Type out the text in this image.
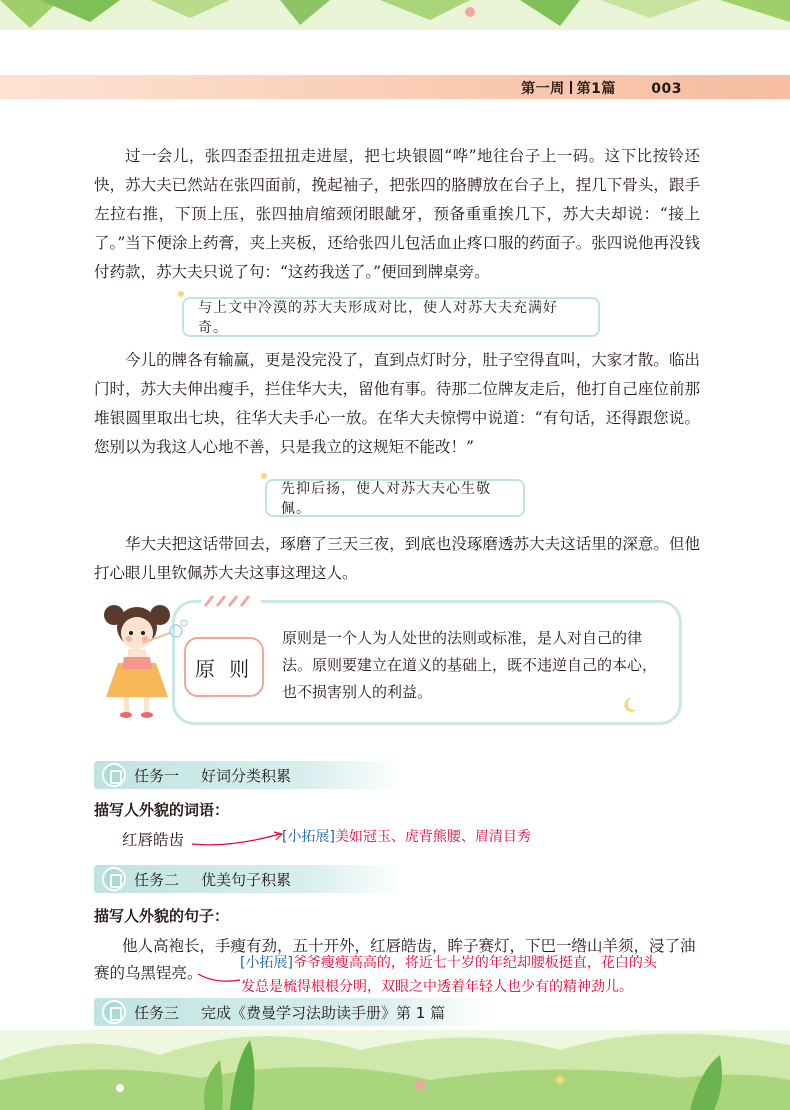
第一周 第1篇	003

过一会儿，张四歪歪扭扭走进屋，把七块银圆“哗”地往台子上一码。这下比按铃还快，苏大夫已然站在张四面前，挽起袖子，把张四的胳膊放在台子上，捏几下骨头，跟手左拉右推，下顶上压，张四抽肩缩颈闭眼龇牙，预备重重挨几下，苏大夫却说：“接上了。”当下便涂上药膏，夹上夹板，还给张四儿包活血止疼口服的药面子。张四说他再没钱付药款，苏大夫只说了句：“这药我送了。”便回到牌桌旁。

与上文中冷漠的苏大夫形成对比，使人对苏大夫充满好奇。

今儿的牌各有输赢，更是没完没了，直到点灯时分，肚子空得直叫，大家才散。临出门时，苏大夫伸出瘦手，拦住华大夫，留他有事。待那二位牌友走后，他打自己座位前那堆银圆里取出七块，往华大夫手心一放。在华大夫惊愕中说道：“有句话，还得跟您说。您别以为我这人心地不善，只是我立的这规矩不能改！”

先抑后扬，使人对苏大夫心生敬佩。

华大夫把这话带回去，琢磨了三天三夜，到底也没琢磨透苏大夫这话里的深意。但他打心眼儿里钦佩苏大夫这事这理这人。

原 则

原则是一个人为人处世的法则或标准，是人对自己的律法。原则要建立在道义的基础上，既不违逆自己的本心，也不损害别人的利益。

任务一 好词分类积累
描写人外貌的词语：
红唇皓齿	[小拓展]美如冠玉、虎背熊腰、眉清目秀
任务二 优美句子积累
描写人外貌的句子：
他人高袍长，手瘦有劲，五十开外，红唇皓齿，眸子赛灯，下巴一绺山羊须，浸了油
赛的乌黑锃亮。
[小拓展]爷爷瘦瘦高高的，将近七十岁的年纪却腰板挺直，花白的头
发总是梳得根根分明，双眼之中透着年轻人也少有的精神劲儿。
任务三 完成《费曼学习法助读手册》第 1 篇
